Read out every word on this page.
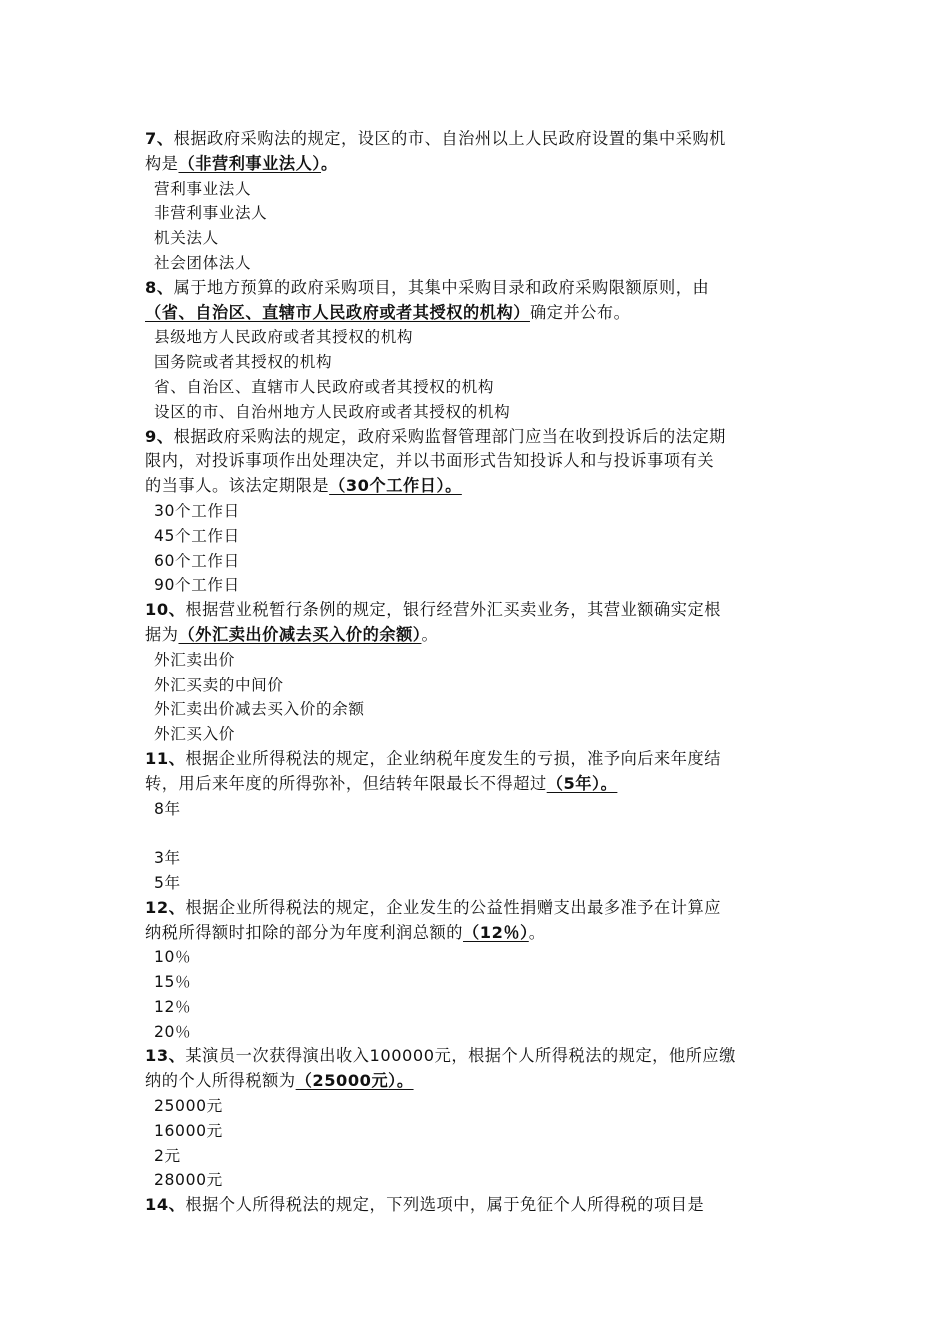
7、根据政府采购法的规定，设区的市、自治州以上人民政府设置的集中采购机
构是（非营利事业法人）。
营利事业法人
非营利事业法人
机关法人
社会团体法人
8、属于地方预算的政府采购项目，其集中采购目录和政府采购限额原则，由
（省、自治区、直辖市人民政府或者其授权的机构）确定并公布。
县级地方人民政府或者其授权的机构
国务院或者其授权的机构
省、自治区、直辖市人民政府或者其授权的机构
设区的市、自治州地方人民政府或者其授权的机构
9、根据政府采购法的规定，政府采购监督管理部门应当在收到投诉后的法定期
限内，对投诉事项作出处理决定，并以书面形式告知投诉人和与投诉事项有关
的当事人。该法定期限是（30个工作日）。
30个工作日
45个工作日
60个工作日
90个工作日
10、根据营业税暂行条例的规定，银行经营外汇买卖业务，其营业额确实定根
据为（外汇卖出价减去买入价的余额）。
外汇卖出价
外汇买卖的中间价
外汇卖出价减去买入价的余额
外汇买入价
11、根据企业所得税法的规定，企业纳税年度发生的亏损，准予向后来年度结
转，用后来年度的所得弥补，但结转年限最长不得超过（5年）。
8年
3年
5年
12、根据企业所得税法的规定，企业发生的公益性捐赠支出最多准予在计算应
纳税所得额时扣除的部分为年度利润总额的（12％）。
10％
15％
12％
20％
13、某演员一次获得演出收入100000元，根据个人所得税法的规定，他所应缴
纳的个人所得税额为（25000元）。
25000元
16000元
2元
28000元
14、根据个人所得税法的规定，下列选项中，属于免征个人所得税的项目是
